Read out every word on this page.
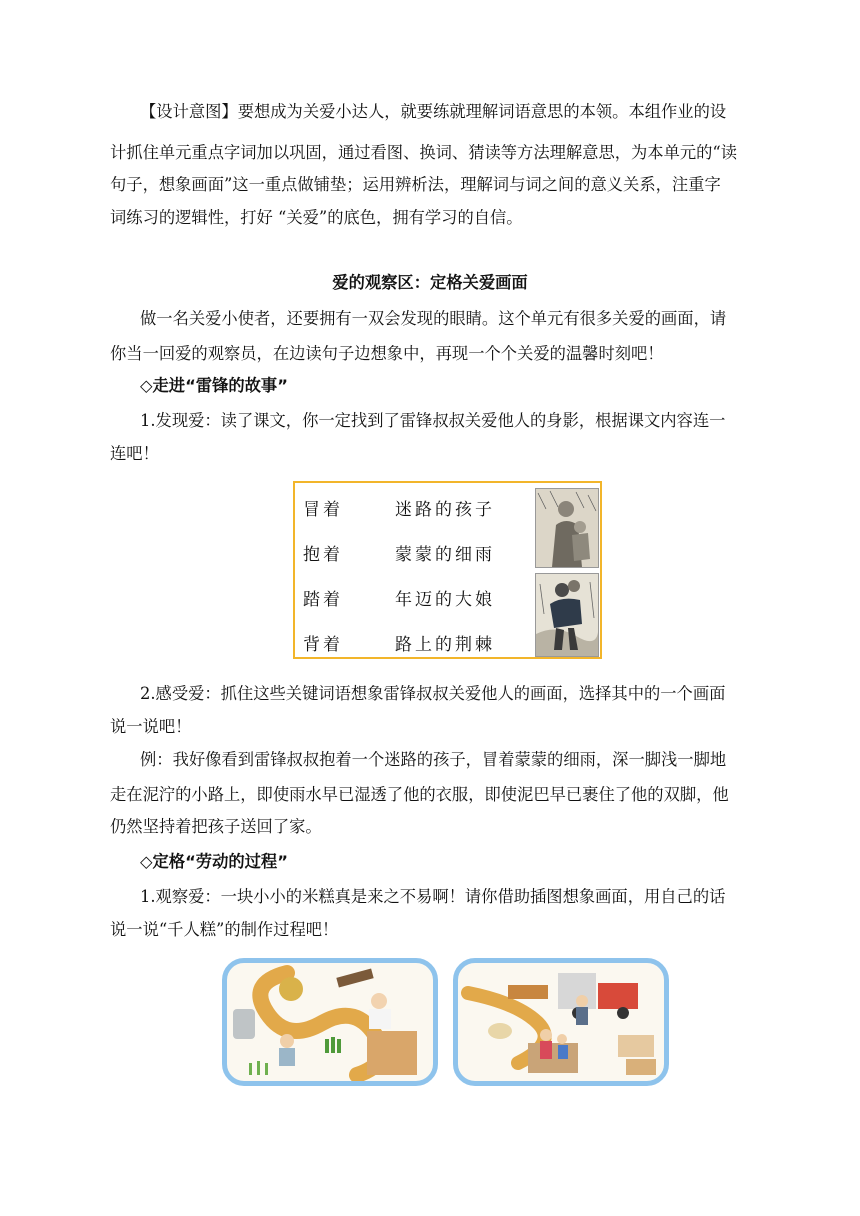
【设计意图】要想成为关爱小达人，就要练就理解词语意思的本领。本组作业的设
计抓住单元重点字词加以巩固，通过看图、换词、猜读等方法理解意思，为本单元的“读
句子，想象画面”这一重点做铺垫；运用辨析法，理解词与词之间的意义关系，注重字
词练习的逻辑性，打好 “关爱”的底色，拥有学习的自信。
爱的观察区：定格关爱画面
做一名关爱小使者，还要拥有一双会发现的眼睛。这个单元有很多关爱的画面，请
你当一回爱的观察员，在边读句子边想象中，再现一个个关爱的温馨时刻吧！
◇走进“雷锋的故事”
1.发现爱：读了课文，你一定找到了雷锋叔叔关爱他人的身影，根据课文内容连一
连吧！
冒着	迷路的孩子
抱着	蒙蒙的细雨
踏着	年迈的大娘
背着	路上的荆棘
2.感受爱：抓住这些关键词语想象雷锋叔叔关爱他人的画面，选择其中的一个画面
说一说吧！
例：我好像看到雷锋叔叔抱着一个迷路的孩子，冒着蒙蒙的细雨，深一脚浅一脚地
走在泥泞的小路上，即使雨水早已湿透了他的衣服，即使泥巴早已裹住了他的双脚，他
仍然坚持着把孩子送回了家。
◇定格“劳动的过程”
1.观察爱：一块小小的米糕真是来之不易啊！请你借助插图想象画面，用自己的话
说一说“千人糕”的制作过程吧！
